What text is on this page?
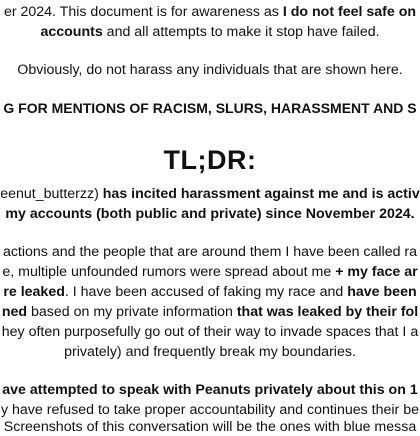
er 2024. This document is for awareness as I do not feel safe on
accounts and all attempts to make it stop have failed.
Obviously, do not harass any individuals that are shown here.
G FOR MENTIONS OF RACISM, SLURS, HARASSMENT AND S
TL;DR:
eenut_butterzz) has incited harassment against me and is activ
my accounts (both public and private) since November 2024.
actions and the people that are around them I have been called ra
e, multiple unfounded rumors were spread about me + my face ar
re leaked. I have been accused of faking my race and have been
ned based on my private information that was leaked by their fol
hey often purposefully go out of their way to invade spaces that I a
privately) and frequently break my boundaries.
ave attempted to speak with Peanuts privately about this on 1
y have refused to take proper accountability and continues their be
Screenshots of this conversation will be the ones with blue messa
